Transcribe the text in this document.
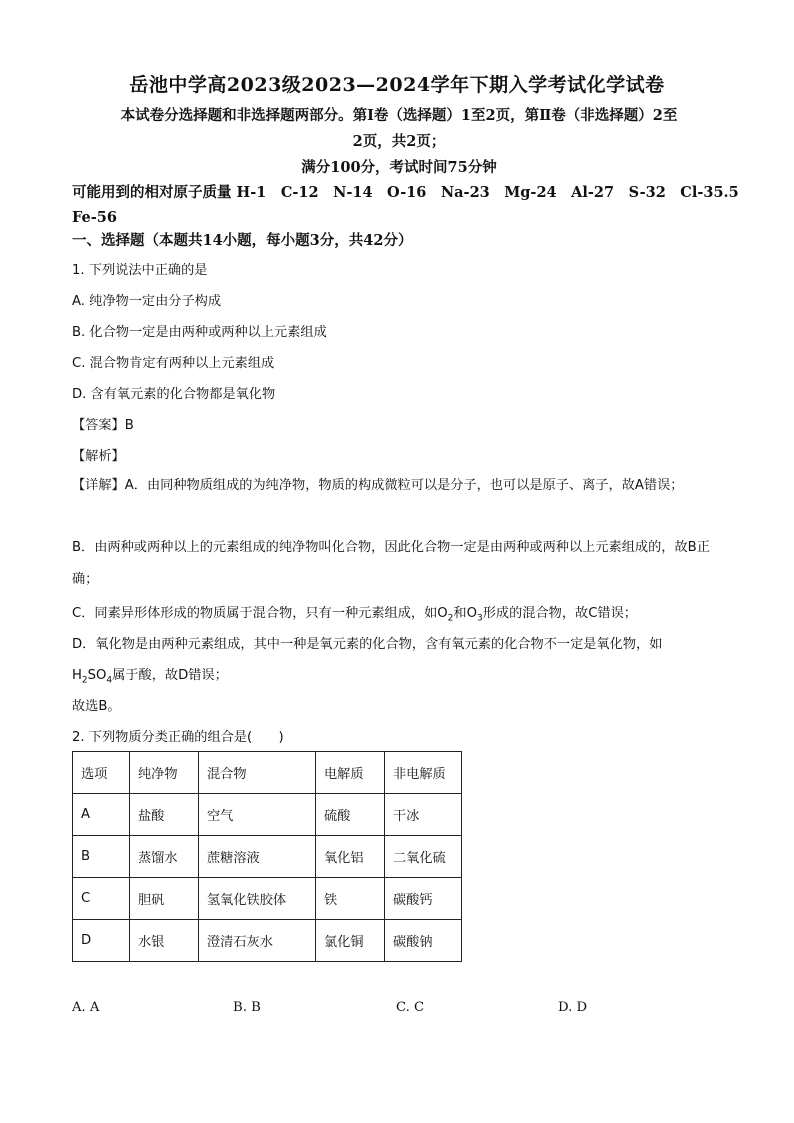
岳池中学高2023级2023—2024学年下期入学考试化学试卷
本试卷分选择题和非选择题两部分。第Ⅰ卷（选择题）1至2页，第Ⅱ卷（非选择题）2至
2页，共2页；
满分100分，考试时间75分钟
可能用到的相对原子质量 H-1　C-12　N-14　O-16　Na-23　Mg-24　Al-27　S-32　Cl-35.5
Fe-56
一、选择题（本题共14小题，每小题3分，共42分）
1. 下列说法中正确的是
A. 纯净物一定由分子构成
B. 化合物一定是由两种或两种以上元素组成
C. 混合物肯定有两种以上元素组成
D. 含有氧元素的化合物都是氧化物
【答案】B
【解析】
【详解】A．由同种物质组成的为纯净物，物质的构成微粒可以是分子，也可以是原子、离子，故A错误；
B．由两种或两种以上的元素组成的纯净物叫化合物，因此化合物一定是由两种或两种以上元素组成的，故B正确；
C．同素异形体形成的物质属于混合物，只有一种元素组成，如$O_2$和$O_3$形成的混合物，故C错误；
D．氧化物是由两种元素组成，其中一种是氧元素的化合物，含有氧元素的化合物不一定是氧化物，如
$H_2SO_4$属于酸，故D错误；
故选B。
2. 下列物质分类正确的组合是(　　)
选项	纯净物	混合物	电解质	非电解质
A	盐酸	空气	硫酸	干冰
B	蒸馏水	蔗糖溶液	氧化铝	二氧化硫
C	胆矾	氢氧化铁胶体	铁	碳酸钙
D	水银	澄清石灰水	氯化铜	碳酸钠
A. A	B. B	C. C	D. D
